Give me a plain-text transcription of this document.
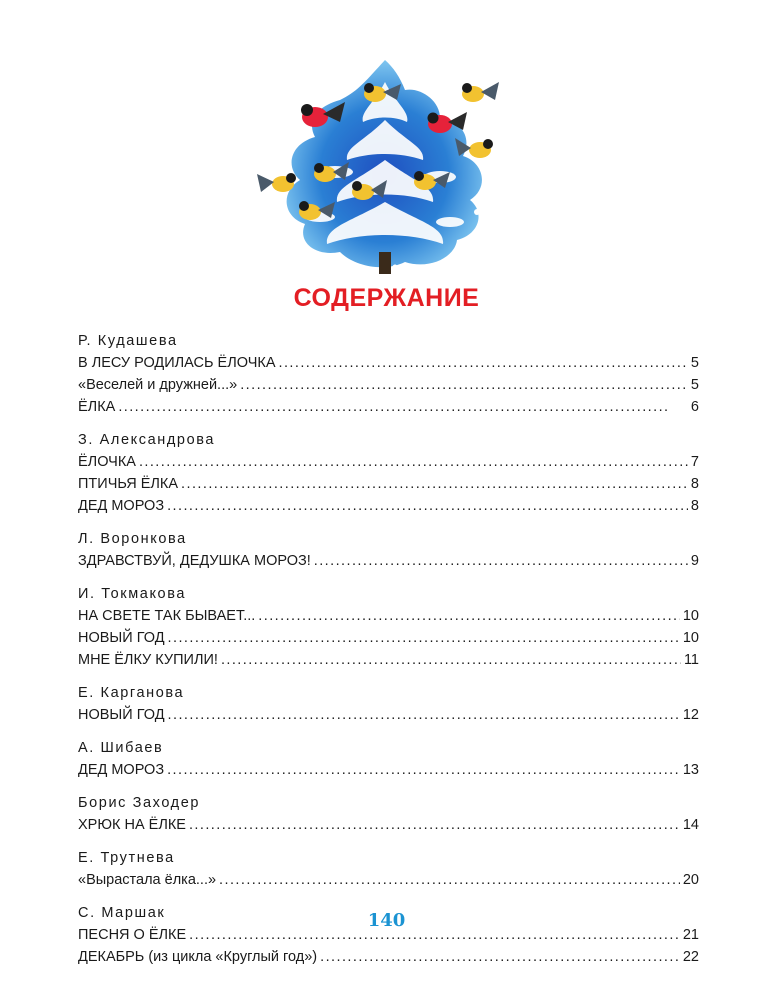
СОДЕРЖАНИЕ
Р. Кудашева
В ЛЕСУ РОДИЛАСЬ ЁЛОЧКА . . .	5
«Веселей и дружней...» . . .	5
ЁЛКА . . .	6
З. Александрова
ЁЛОЧКА . . .	7
ПТИЧЬЯ ЁЛКА . . .	8
ДЕД МОРОЗ . . .	8
Л. Воронкова
ЗДРАВСТВУЙ, ДЕДУШКА МОРОЗ! . . .	9
И. Токмакова
НА СВЕТЕ ТАК БЫВАЕТ... . . .	10
НОВЫЙ ГОД . . .	10
МНЕ ЁЛКУ КУПИЛИ! . . .	11
Е. Карганова
НОВЫЙ ГОД . . .	12
А. Шибаев
ДЕД МОРОЗ . . .	13
Борис Заходер
ХРЮК НА ЁЛКЕ . . .	14
Е. Трутнева
«Вырастала ёлка...» . . .	20
С. Маршак
ПЕСНЯ О ЁЛКЕ . . .	21
ДЕКАБРЬ (из цикла «Круглый год») . . .	22
140
